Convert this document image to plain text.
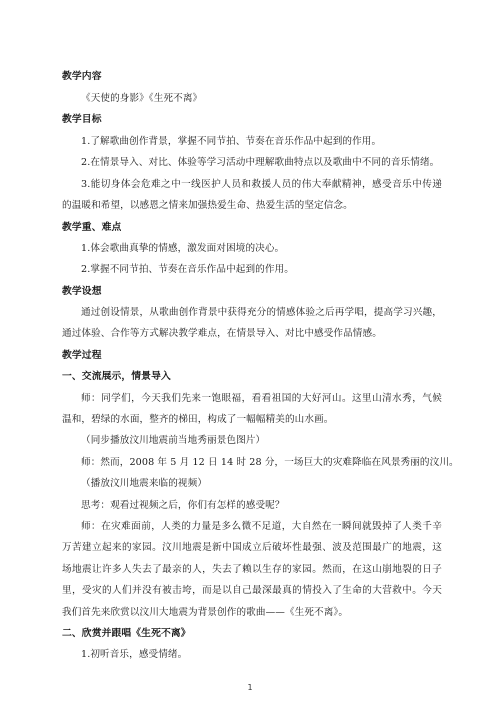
教学内容
《天使的身影》《生死不离》
教学目标
1.了解歌曲创作背景，掌握不同节拍、节奏在音乐作品中起到的作用。
2.在情景导入、对比、体验等学习活动中理解歌曲特点以及歌曲中不同的音乐情绪。
3.能切身体会危难之中一线医护人员和救援人员的伟大奉献精神，感受音乐中传递
的温暖和希望，以感恩之情来加强热爱生命、热爱生活的坚定信念。
教学重、难点
1.体会歌曲真挚的情感，激发面对困境的决心。
2.掌握不同节拍、节奏在音乐作品中起到的作用。
教学设想
通过创设情景，从歌曲创作背景中获得充分的情感体验之后再学唱，提高学习兴趣，
通过体验、合作等方式解决教学难点，在情景导入、对比中感受作品情感。
教学过程
一、交流展示，情景导入
师：同学们，今天我们先来一饱眼福，看看祖国的大好河山。这里山清水秀，气候
温和，碧绿的水面，整齐的梯田，构成了一幅幅精美的山水画。
（同步播放汶川地震前当地秀丽景色图片）
师：然而，2008 年 5 月 12 日 14 时 28 分，一场巨大的灾难降临在风景秀丽的汶川。
（播放汶川地震来临的视频）
思考：观看过视频之后，你们有怎样的感受呢？
师：在灾难面前，人类的力量是多么微不足道，大自然在一瞬间就毁掉了人类千辛
万苦建立起来的家园。汶川地震是新中国成立后破坏性最强、波及范围最广的地震，这
场地震让许多人失去了最亲的人，失去了赖以生存的家园。然而，在这山崩地裂的日子
里，受灾的人们并没有被击垮，而是以自己最深最真的情投入了生命的大营救中。今天
我们首先来欣赏以汶川大地震为背景创作的歌曲——《生死不离》。
二、欣赏并跟唱《生死不离》
1.初听音乐，感受情绪。
1
